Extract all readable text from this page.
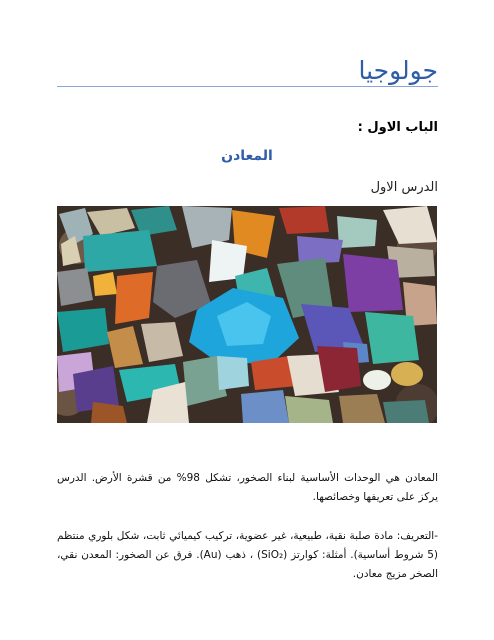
جولوجيا
الباب الاول :
المعادن
الدرس الاول

المعادن هي الوحدات الأساسية لبناء الصخور، تشكل 98% من قشرة الأرض. الدرس يركز على تعريفها وخصائصها.

-التعريف: مادة صلبة نقية، طبيعية، غير عضوية، تركيب كيميائي ثابت، شكل بلوري منتظم (5 شروط أساسية). أمثلة: كوارتز (SiO₂) ، ذهب (Au). فرق عن الصخور: المعدن نقي، الصخر مزيج معادن.
